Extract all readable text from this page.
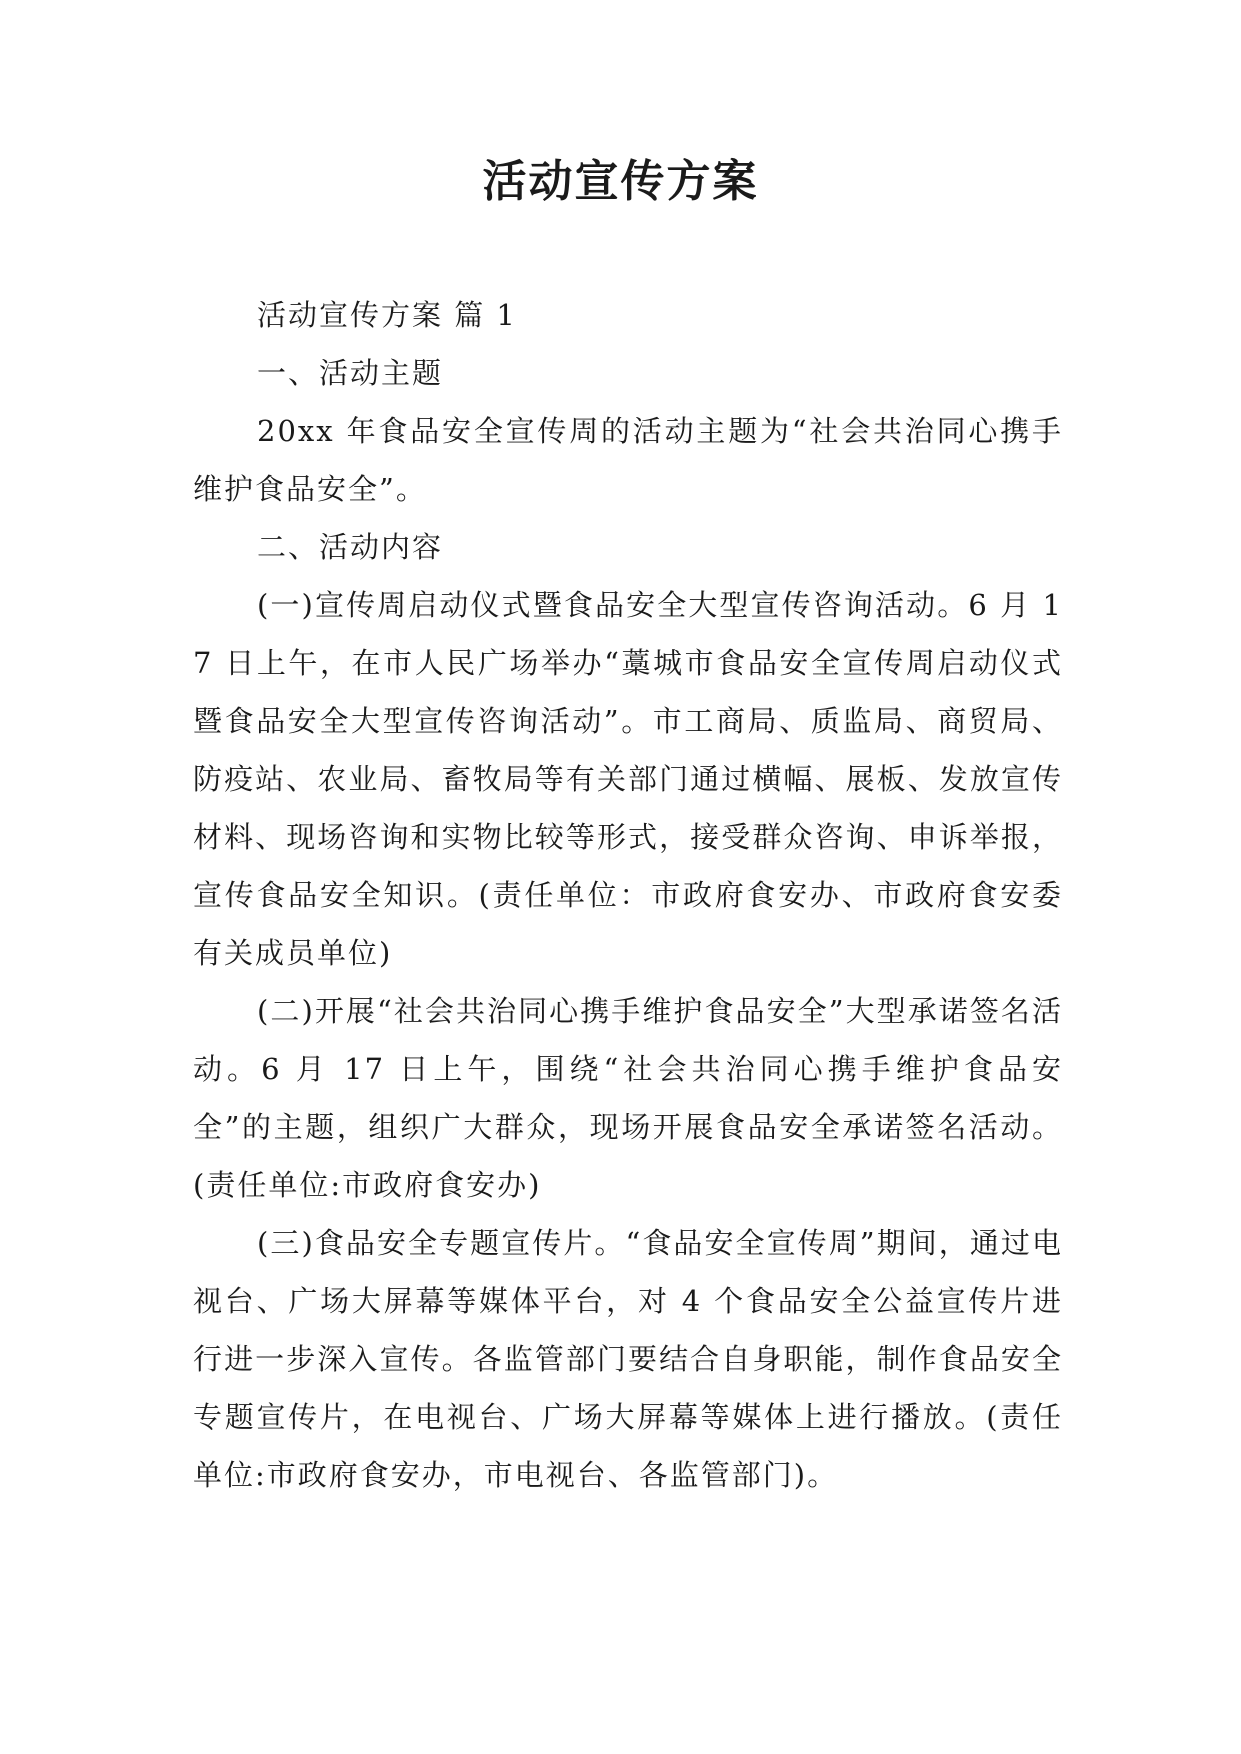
活动宣传方案

活动宣传方案 篇 1

一、活动主题

20xx 年食品安全宣传周的活动主题为“社会共治同心携手维护食品安全”。

二、活动内容

(一)宣传周启动仪式暨食品安全大型宣传咨询活动。6 月 17 日上午，在市人民广场举办“藁城市食品安全宣传周启动仪式暨食品安全大型宣传咨询活动”。市工商局、质监局、商贸局、防疫站、农业局、畜牧局等有关部门通过横幅、展板、发放宣传材料、现场咨询和实物比较等形式，接受群众咨询、申诉举报，宣传食品安全知识。(责任单位：市政府食安办、市政府食安委有关成员单位)

(二)开展“社会共治同心携手维护食品安全”大型承诺签名活动。6 月 17 日上午，围绕“社会共治同心携手维护食品安全”的主题，组织广大群众，现场开展食品安全承诺签名活动。(责任单位:市政府食安办)

(三)食品安全专题宣传片。“食品安全宣传周”期间，通过电视台、广场大屏幕等媒体平台，对 4 个食品安全公益宣传片进行进一步深入宣传。各监管部门要结合自身职能，制作食品安全专题宣传片，在电视台、广场大屏幕等媒体上进行播放。(责任单位:市政府食安办，市电视台、各监管部门)。
